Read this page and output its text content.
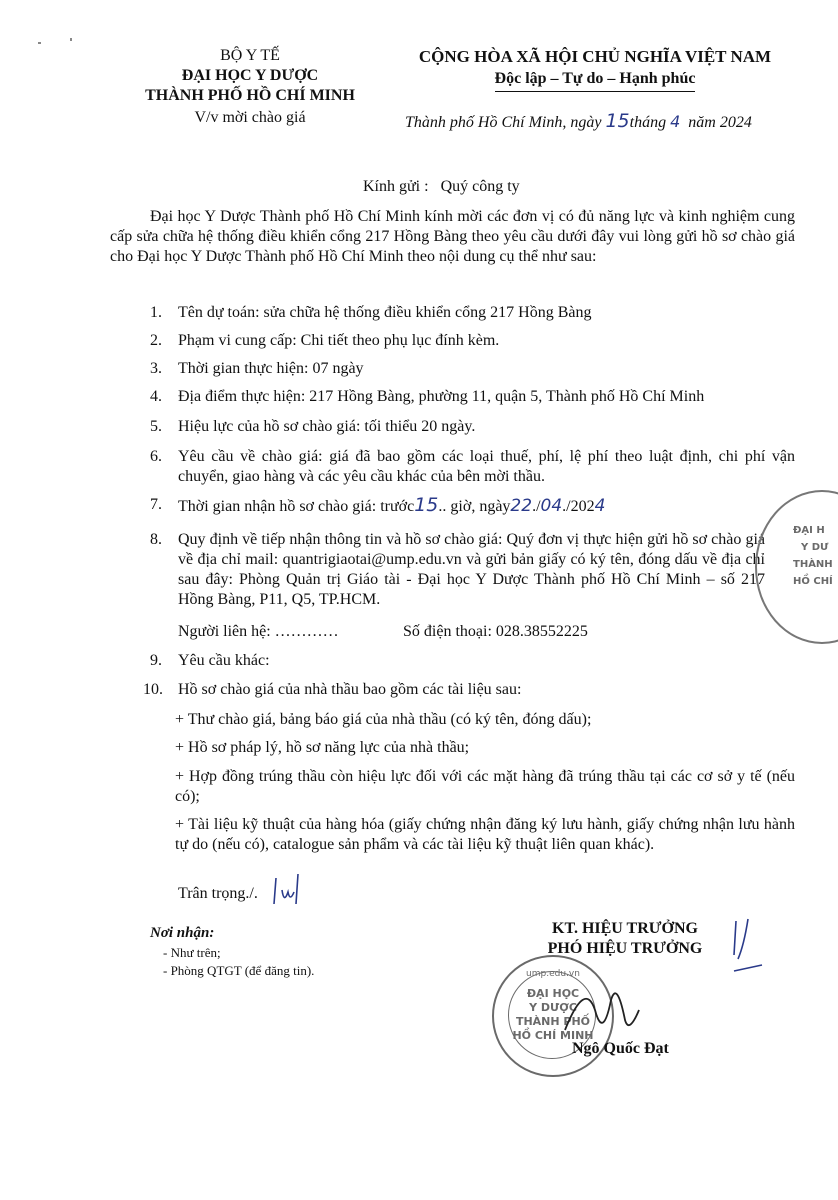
BỘ Y TẾ
ĐẠI HỌC Y DƯỢC
THÀNH PHỐ HỒ CHÍ MINH
V/v mời chào giá
CỘNG HÒA XÃ HỘI CHỦ NGHĨA VIỆT NAM
Độc lập – Tự do – Hạnh phúc
Thành phố Hồ Chí Minh, ngày 15tháng 4 năm 2024
Kính gửi :   Quý công ty
Đại học Y Dược Thành phố Hồ Chí Minh kính mời các đơn vị có đủ năng lực và kinh nghiệm cung cấp sửa chữa hệ thống điều khiển cổng 217 Hồng Bàng theo yêu cầu dưới đây vui lòng gửi hồ sơ chào giá cho Đại học Y Dược Thành phố Hồ Chí Minh theo nội dung cụ thể như sau:
1.	Tên dự toán: sửa chữa hệ thống điều khiển cổng 217 Hồng Bàng
2.	Phạm vi cung cấp: Chi tiết theo phụ lục đính kèm.
3.	Thời gian thực hiện: 07 ngày
4.	Địa điểm thực hiện: 217 Hồng Bàng, phường 11, quận 5, Thành phố Hồ Chí Minh
5.	Hiệu lực của hồ sơ chào giá: tối thiểu 20 ngày.
6.	Yêu cầu về chào giá: giá đã bao gồm các loại thuế, phí, lệ phí theo luật định, chi phí vận chuyển, giao hàng và các yêu cầu khác của bên mời thầu.
7.	Thời gian nhận hồ sơ chào giá: trước15.. giờ, ngày22./04./2024
8.	Quy định về tiếp nhận thông tin và hồ sơ chào giá: Quý đơn vị thực hiện gửi hồ sơ chào giá về địa chỉ mail: quantrigiaotai@ump.edu.vn và gửi bản giấy có ký tên, đóng dấu về địa chỉ sau đây: Phòng Quản trị Giáo tài - Đại học Y Dược Thành phố Hồ Chí Minh – số 217 Hồng Bàng, P11, Q5, TP.HCM.
Người liên hệ: …………	Số điện thoại: 028.38552225
9.	Yêu cầu khác:
10. Hồ sơ chào giá của nhà thầu bao gồm các tài liệu sau:
+ Thư chào giá, bảng báo giá của nhà thầu (có ký tên, đóng dấu);
+ Hồ sơ pháp lý, hồ sơ năng lực của nhà thầu;
+ Hợp đồng trúng thầu còn hiệu lực đối với các mặt hàng đã trúng thầu tại các cơ sở y tế (nếu có);
+ Tài liệu kỹ thuật của hàng hóa (giấy chứng nhận đăng ký lưu hành, giấy chứng nhận lưu hành tự do (nếu có), catalogue sản phẩm và các tài liệu kỹ thuật liên quan khác).
Trân trọng./.
Nơi nhận:
- Như trên;
- Phòng QTGT (để đăng tin).
KT. HIỆU TRƯỞNG
PHÓ HIỆU TRƯỞNG
ump.edu.vn
ĐẠI HỌC
Y DƯỢC
THÀNH PHỐ
HỒ CHÍ MINH
Ngô Quốc Đạt
ĐẠI H
Y DƯ
THÀNH
HỒ CHÍ
